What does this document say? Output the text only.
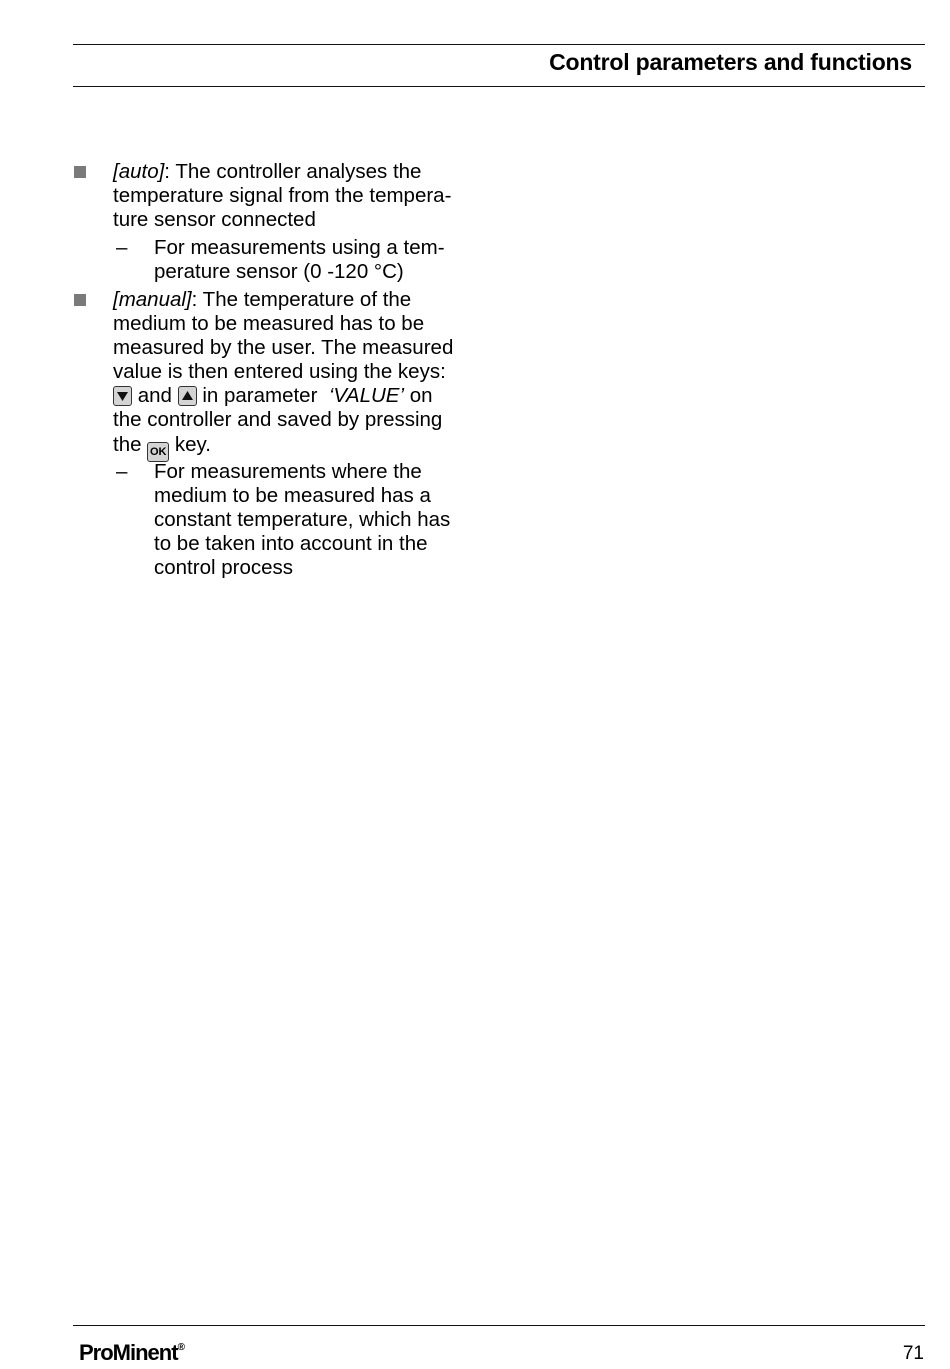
Control parameters and functions

[auto]: The controller analyses the
temperature signal from the tempera-
ture sensor connected

– For measurements using a tem-
perature sensor (0 -120 °C)

[manual]: The temperature of the
medium to be measured has to be
measured by the user. The measured
value is then entered using the keys:

and in parameter ‘VALUE’ on
the controller and saved by pressing
the OK key.

– For measurements where the
medium to be measured has a
constant temperature, which has
to be taken into account in the
control process

ProMinent®	71
